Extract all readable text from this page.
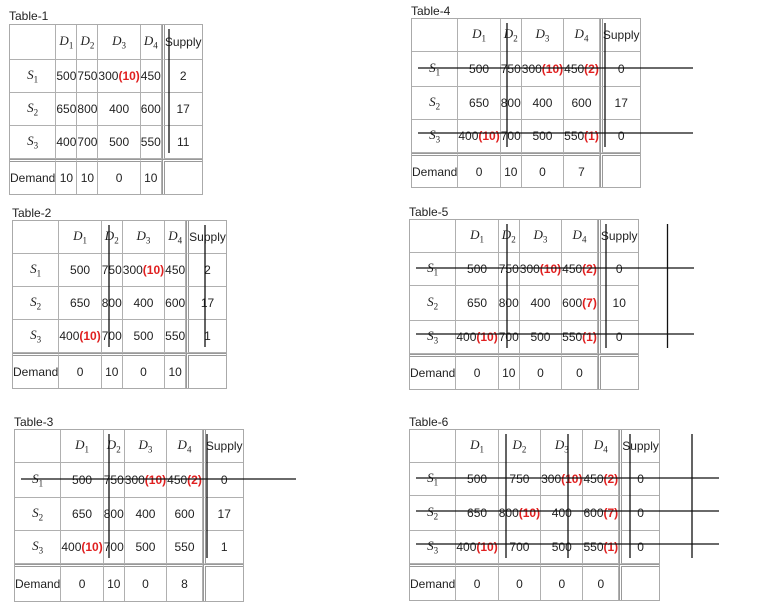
Table-1
	$D_1$	$D_2$	$D_3$	$D_4$	Supply
$S_1$	500	750	300(10)	450	2
$S_2$	650	800	400	600	17
$S_3$	400	700	500	550	11
Demand	10	10	0	10	
Table-2
	$D_1$	$D_2$	$D_3$	$D_4$	Supply
$S_1$	500	750	300(10)	450	2
$S_2$	650	800	400	600	17
$S_3$	400(10)	700	500	550	1
Demand	0	10	0	10	
Table-3
	$D_1$	$D_2$	$D_3$	$D_4$	Supply
$S_1$	500	750	300(10)	450(2)	0
$S_2$	650	800	400	600	17
$S_3$	400(10)	700	500	550	1
Demand	0	10	0	8	
Table-4
	$D_1$	$D_2$	$D_3$	$D_4$	Supply
$S_1$	500	750	300(10)	450(2)	0
$S_2$	650	800	400	600	17
$S_3$	400(10)	700	500	550(1)	0
Demand	0	10	0	7	
Table-5
	$D_1$	$D_2$	$D_3$	$D_4$	Supply
$S_1$	500	750	300(10)	450(2)	0
$S_2$	650	800	400	600(7)	10
$S_3$	400(10)	700	500	550(1)	0
Demand	0	10	0	0	
Table-6
	$D_1$	$D_2$	$D_3$	$D_4$	Supply
$S_1$	500	750	300(10)	450(2)	0
$S_2$	650	800(10)	400	600(7)	0
$S_3$	400(10)	700	500	550(1)	0
Demand	0	0	0	0	
